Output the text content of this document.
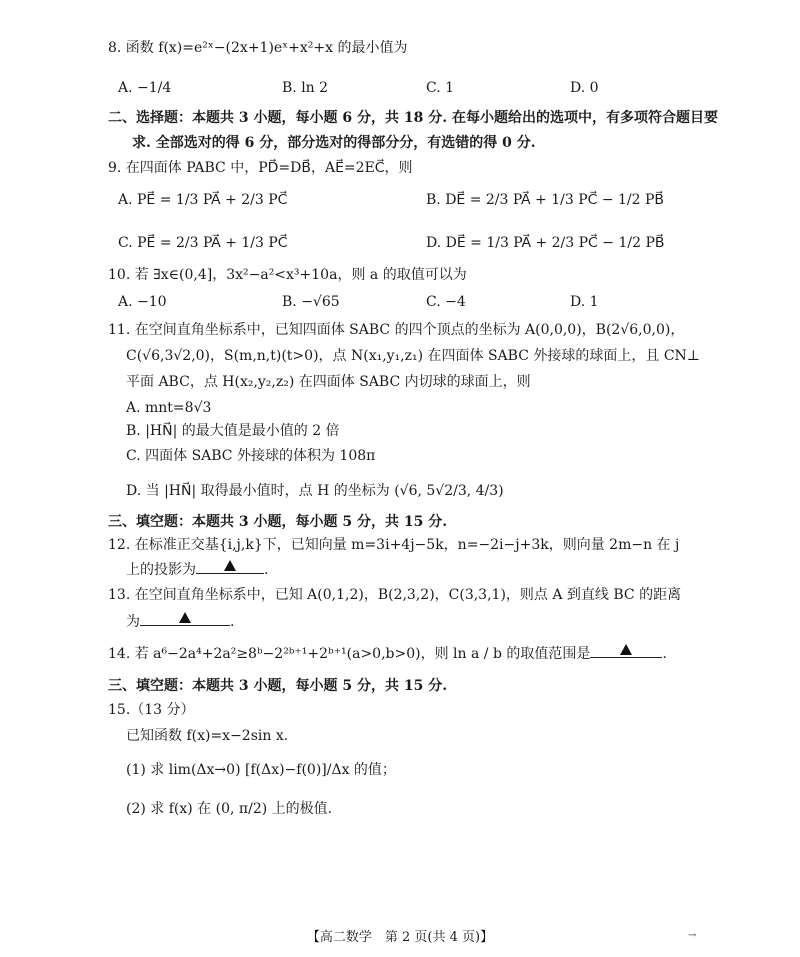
8. 函数 f(x)=e²ˣ−(2x+1)eˣ+x²+x 的最小值为
A. −1/4	B. ln 2	C. 1	D. 0
二、选择题：本题共 3 小题，每小题 6 分，共 18 分. 在每小题给出的选项中，有多项符合题目要
求. 全部选对的得 6 分，部分选对的得部分分，有选错的得 0 分.
9. 在四面体 PABC 中，PD⃗=DB⃗，AE⃗=2EC⃗，则
A. PE⃗ = 1/3 PA⃗ + 2/3 PC⃗	B. DE⃗ = 2/3 PA⃗ + 1/3 PC⃗ − 1/2 PB⃗
C. PE⃗ = 2/3 PA⃗ + 1/3 PC⃗	D. DE⃗ = 1/3 PA⃗ + 2/3 PC⃗ − 1/2 PB⃗
10. 若 ∃x∈(0,4]，3x²−a²<x³+10a，则 a 的取值可以为
A. −10	B. −√65	C. −4	D. 1
11. 在空间直角坐标系中，已知四面体 SABC 的四个顶点的坐标为 A(0,0,0)，B(2√6,0,0)，
C(√6,3√2,0)，S(m,n,t)(t>0)，点 N(x₁,y₁,z₁) 在四面体 SABC 外接球的球面上，且 CN⊥
平面 ABC，点 H(x₂,y₂,z₂) 在四面体 SABC 内切球的球面上，则
A. mnt=8√3
B. |HN⃗| 的最大值是最小值的 2 倍
C. 四面体 SABC 外接球的体积为 108π
D. 当 |HN⃗| 取得最小值时，点 H 的坐标为 (√6, 5√2/3, 4/3)
三、填空题：本题共 3 小题，每小题 5 分，共 15 分.
12. 在标准正交基{i,j,k}下，已知向量 m=3i+4j−5k，n=−2i−j+3k，则向量 2m−n 在 j
上的投影为	.
13. 在空间直角坐标系中，已知 A(0,1,2)，B(2,3,2)，C(3,3,1)，则点 A 到直线 BC 的距离
为	.
14. 若 a⁶−2a⁴+2a²≥8ᵇ−2²ᵇ⁺¹+2ᵇ⁺¹(a>0,b>0)，则 ln a / b 的取值范围是	.
三、填空题：本题共 3 小题，每小题 5 分，共 15 分.
15.（13 分）
已知函数 f(x)=x−2sin x.
(1) 求 lim(Δx→0) [f(Δx)−f(0)]/Δx 的值；
(2) 求 f(x) 在 (0, π/2) 上的极值.
【高二数学　第 2 页(共 4 页)】	→
